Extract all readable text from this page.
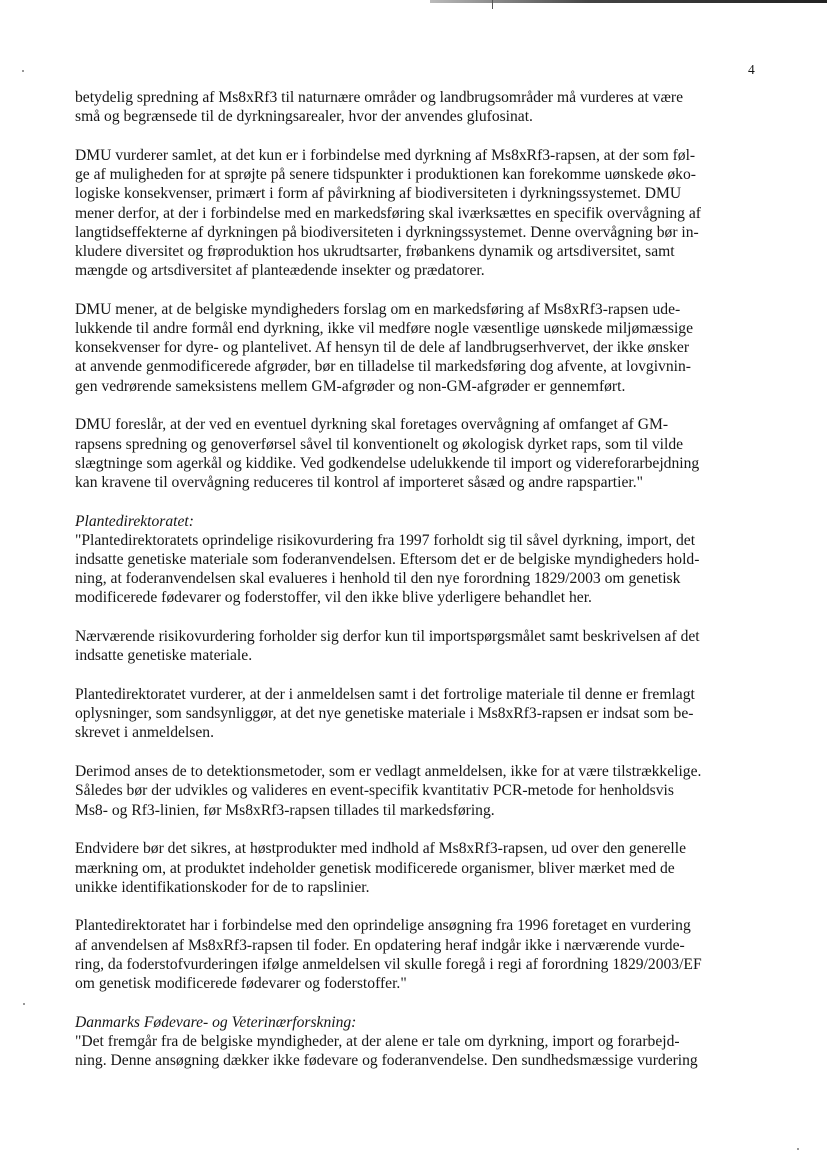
4
betydelig spredning af Ms8xRf3 til naturnære områder og landbrugsområder må vurderes at være
små og begrænsede til de dyrkningsarealer, hvor der anvendes glufosinat.
DMU vurderer samlet, at det kun er i forbindelse med dyrkning af Ms8xRf3-rapsen, at der som føl-
ge af muligheden for at sprøjte på senere tidspunkter i produktionen kan forekomme uønskede øko-
logiske konsekvenser, primært i form af påvirkning af biodiversiteten i dyrkningssystemet. DMU
mener derfor, at der i forbindelse med en markedsføring skal iværksættes en specifik overvågning af
langtidseffekterne af dyrkningen på biodiversiteten i dyrkningssystemet. Denne overvågning bør in-
kludere diversitet og frøproduktion hos ukrudtsarter, frøbankens dynamik og artsdiversitet, samt
mængde og artsdiversitet af planteædende insekter og prædatorer.
DMU mener, at de belgiske myndigheders forslag om en markedsføring af Ms8xRf3-rapsen ude-
lukkende til andre formål end dyrkning, ikke vil medføre nogle væsentlige uønskede miljømæssige
konsekvenser for dyre- og plantelivet. Af hensyn til de dele af landbrugserhvervet, der ikke ønsker
at anvende genmodificerede afgrøder, bør en tilladelse til markedsføring dog afvente, at lovgivnin-
gen vedrørende sameksistens mellem GM-afgrøder og non-GM-afgrøder er gennemført.
DMU foreslår, at der ved en eventuel dyrkning skal foretages overvågning af omfanget af GM-
rapsens spredning og genoverførsel såvel til konventionelt og økologisk dyrket raps, som til vilde
slægtninge som agerkål og kiddike. Ved godkendelse udelukkende til import og videreforarbejdning
kan kravene til overvågning reduceres til kontrol af importeret såsæd og andre rapspartier."
Plantedirektoratet:
"Plantedirektoratets oprindelige risikovurdering fra 1997 forholdt sig til såvel dyrkning, import, det
indsatte genetiske materiale som foderanvendelsen. Eftersom det er de belgiske myndigheders hold-
ning, at foderanvendelsen skal evalueres i henhold til den nye forordning 1829/2003 om genetisk
modificerede fødevarer og foderstoffer, vil den ikke blive yderligere behandlet her.
Nærværende risikovurdering forholder sig derfor kun til importspørgsmålet samt beskrivelsen af det
indsatte genetiske materiale.
Plantedirektoratet vurderer, at der i anmeldelsen samt i det fortrolige materiale til denne er fremlagt
oplysninger, som sandsynliggør, at det nye genetiske materiale i Ms8xRf3-rapsen er indsat som be-
skrevet i anmeldelsen.
Derimod anses de to detektionsmetoder, som er vedlagt anmeldelsen, ikke for at være tilstrækkelige.
Således bør der udvikles og valideres en event-specifik kvantitativ PCR-metode for henholdsvis
Ms8- og Rf3-linien, før Ms8xRf3-rapsen tillades til markedsføring.
Endvidere bør det sikres, at høstprodukter med indhold af Ms8xRf3-rapsen, ud over den generelle
mærkning om, at produktet indeholder genetisk modificerede organismer, bliver mærket med de
unikke identifikationskoder for de to rapslinier.
Plantedirektoratet har i forbindelse med den oprindelige ansøgning fra 1996 foretaget en vurdering
af anvendelsen af Ms8xRf3-rapsen til foder. En opdatering heraf indgår ikke i nærværende vurde-
ring, da foderstofvurderingen ifølge anmeldelsen vil skulle foregå i regi af forordning 1829/2003/EF
om genetisk modificerede fødevarer og foderstoffer."
Danmarks Fødevare- og Veterinærforskning:
"Det fremgår fra de belgiske myndigheder, at der alene er tale om dyrkning, import og forarbejd-
ning. Denne ansøgning dækker ikke fødevare og foderanvendelse. Den sundhedsmæssige vurdering
